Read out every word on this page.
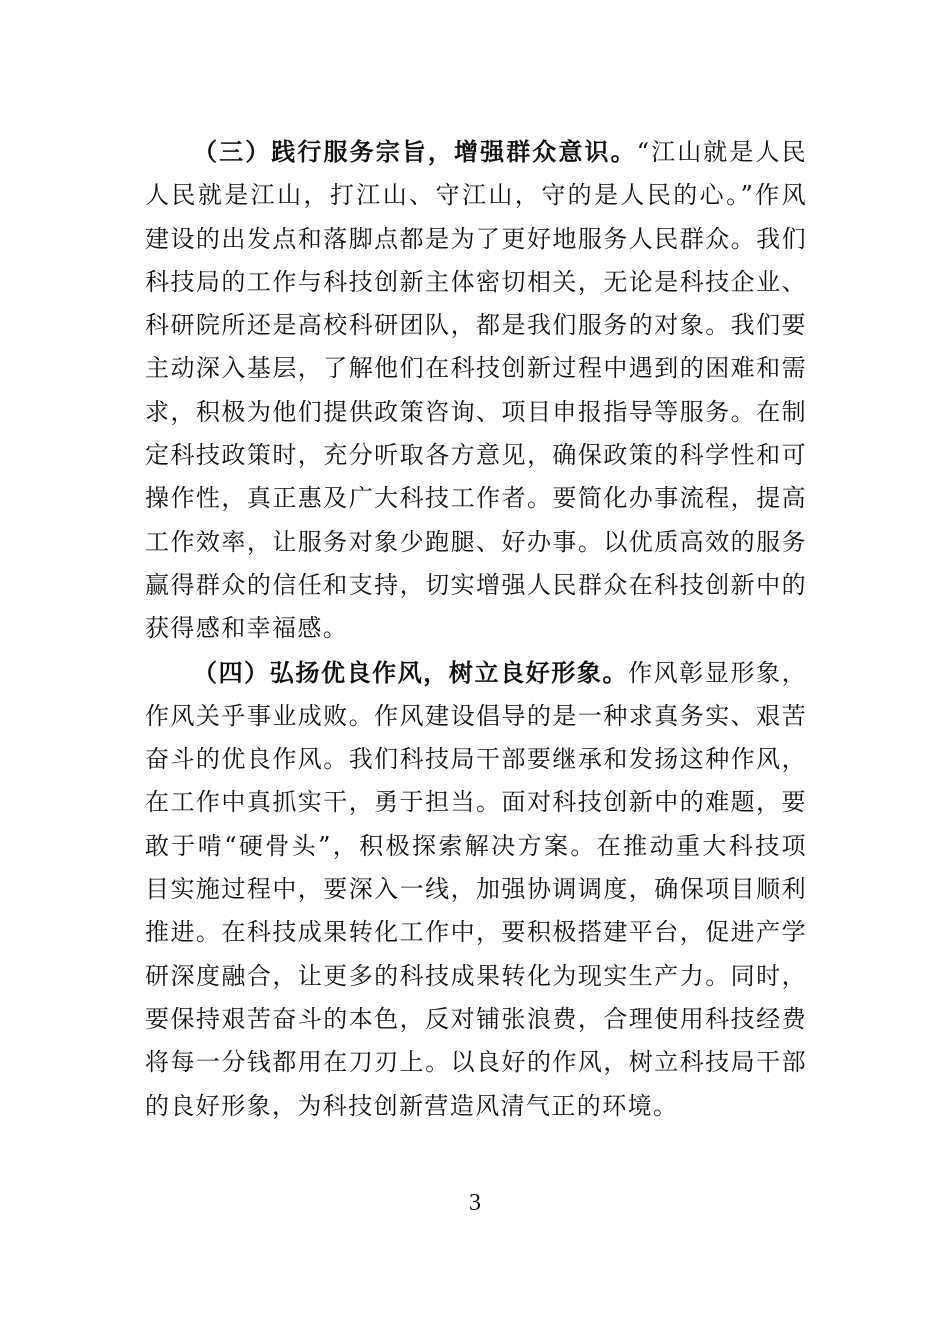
（三）践行服务宗旨，增强群众意识。“江山就是人民人民就是江山，打江山、守江山，守的是人民的心。”作风建设的出发点和落脚点都是为了更好地服务人民群众。我们科技局的工作与科技创新主体密切相关，无论是科技企业、科研院所还是高校科研团队，都是我们服务的对象。我们要主动深入基层，了解他们在科技创新过程中遇到的困难和需求，积极为他们提供政策咨询、项目申报指导等服务。在制定科技政策时，充分听取各方意见，确保政策的科学性和可操作性，真正惠及广大科技工作者。要简化办事流程，提高工作效率，让服务对象少跑腿、好办事。以优质高效的服务赢得群众的信任和支持，切实增强人民群众在科技创新中的获得感和幸福感。

（四）弘扬优良作风，树立良好形象。作风彰显形象，作风关乎事业成败。作风建设倡导的是一种求真务实、艰苦奋斗的优良作风。我们科技局干部要继承和发扬这种作风，在工作中真抓实干，勇于担当。面对科技创新中的难题，要敢于啃“硬骨头”，积极探索解决方案。在推动重大科技项目实施过程中，要深入一线，加强协调调度，确保项目顺利推进。在科技成果转化工作中，要积极搭建平台，促进产学研深度融合，让更多的科技成果转化为现实生产力。同时，要保持艰苦奋斗的本色，反对铺张浪费，合理使用科技经费将每一分钱都用在刀刃上。以良好的作风，树立科技局干部的良好形象，为科技创新营造风清气正的环境。

3
